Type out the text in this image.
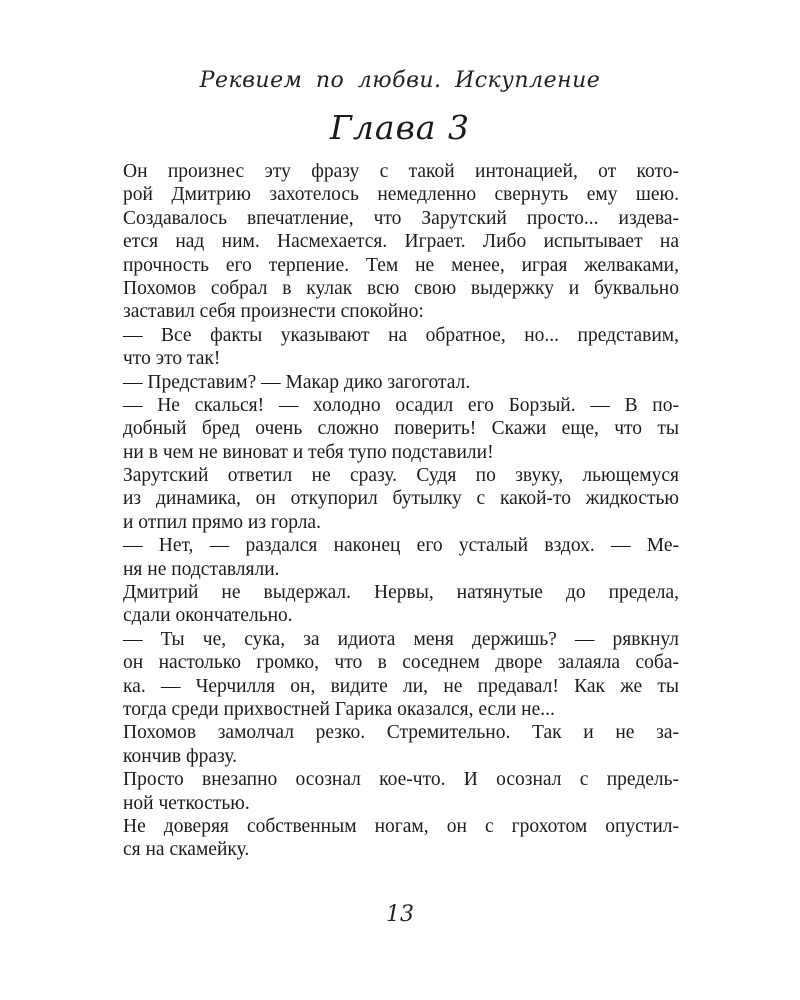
Реквием по любви. Искупление
Глава 3
Он произнес эту фразу с такой интонацией, от кото-
рой Дмитрию захотелось немедленно свернуть ему шею.
Создавалось впечатление, что Зарутский просто... издева-
ется над ним. Насмехается. Играет. Либо испытывает на
прочность его терпение. Тем не менее, играя желваками,
Похомов собрал в кулак всю свою выдержку и буквально
заставил себя произнести спокойно:
— Все факты указывают на обратное, но... представим,
что это так!
— Представим? — Макар дико загоготал.
— Не скалься! — холодно осадил его Борзый. — В по-
добный бред очень сложно поверить! Скажи еще, что ты
ни в чем не виноват и тебя тупо подставили!
Зарутский ответил не сразу. Судя по звуку, льющемуся
из динамика, он откупорил бутылку с какой-то жидкостью
и отпил прямо из горла.
— Нет, — раздался наконец его усталый вздох. — Ме-
ня не подставляли.
Дмитрий не выдержал. Нервы, натянутые до предела,
сдали окончательно.
— Ты че, сука, за идиота меня держишь? — рявкнул
он настолько громко, что в соседнем дворе залаяла соба-
ка. — Черчилля он, видите ли, не предавал! Как же ты
тогда среди прихвостней Гарика оказался, если не...
Похомов замолчал резко. Стремительно. Так и не за-
кончив фразу.
Просто внезапно осознал кое-что. И осознал с предель-
ной четкостью.
Не доверяя собственным ногам, он с грохотом опустил-
ся на скамейку.
13
